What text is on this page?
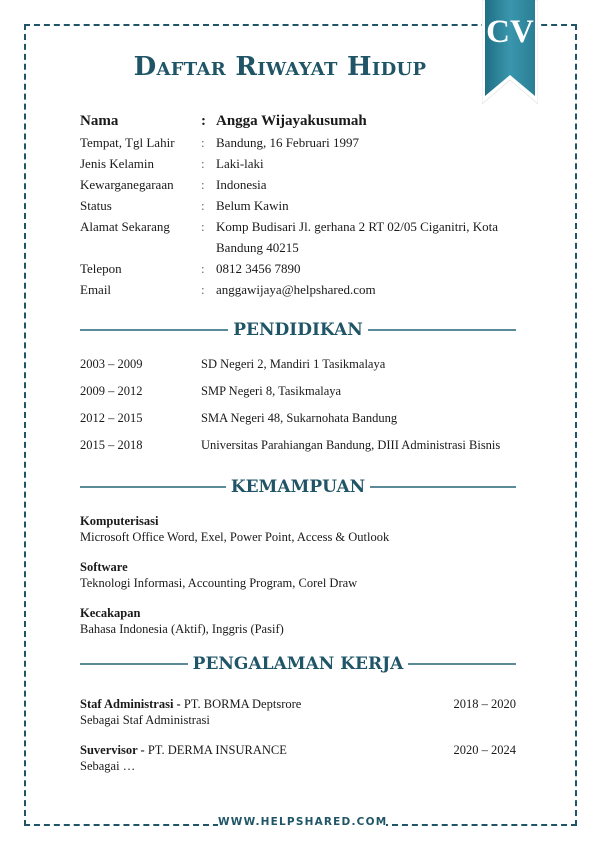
WWW.HELPSHARED.COM
CV
Daftar Riwayat Hidup
Nama	: Angga Wijayakusumah
Tempat, Tgl Lahir	: Bandung, 16 Februari 1997
Jenis Kelamin	: Laki-laki
Kewarganegaraan	: Indonesia
Status	: Belum Kawin
Alamat Sekarang	: Komp Budisari Jl. gerhana 2 RT 02/05 Ciganitri, Kota
Bandung 40215
Telepon	: 0812 3456 7890
Email	: anggawijaya@helpshared.com
PENDIDIKAN
2003 – 2009	SD Negeri 2, Mandiri 1 Tasikmalaya
2009 – 2012	SMP Negeri 8, Tasikmalaya
2012 – 2015	SMA Negeri 48, Sukarnohata Bandung
2015 – 2018	Universitas Parahiangan Bandung, DIII Administrasi Bisnis
KEMAMPUAN
Komputerisasi
Microsoft Office Word, Exel, Power Point, Access & Outlook
Software
Teknologi Informasi, Accounting Program, Corel Draw
Kecakapan
Bahasa Indonesia (Aktif), Inggris (Pasif)
PENGALAMAN KERJA
Staf Administrasi - PT. BORMA Deptsrore	2018 – 2020
Sebagai Staf Administrasi
Suvervisor - PT. DERMA INSURANCE	2020 – 2024
Sebagai …
